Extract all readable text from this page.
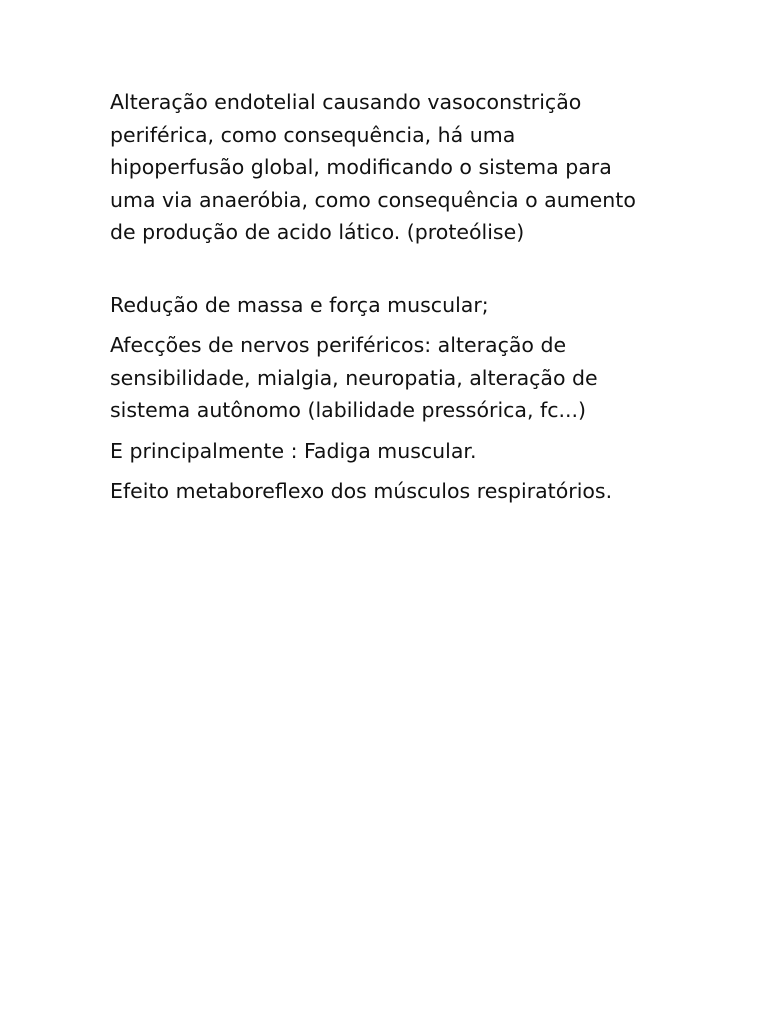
Alteração endotelial causando vasoconstrição
periférica, como consequência, há uma
hipoperfusão global, modificando o sistema para
uma via anaeróbia, como consequência o aumento
de produção de acido lático. (proteólise)

Redução de massa e força muscular;

Afecções de nervos periféricos: alteração de
sensibilidade, mialgia, neuropatia, alteração de
sistema autônomo (labilidade pressórica, fc...)

E principalmente : Fadiga muscular.

Efeito metaboreflexo dos músculos respiratórios.
